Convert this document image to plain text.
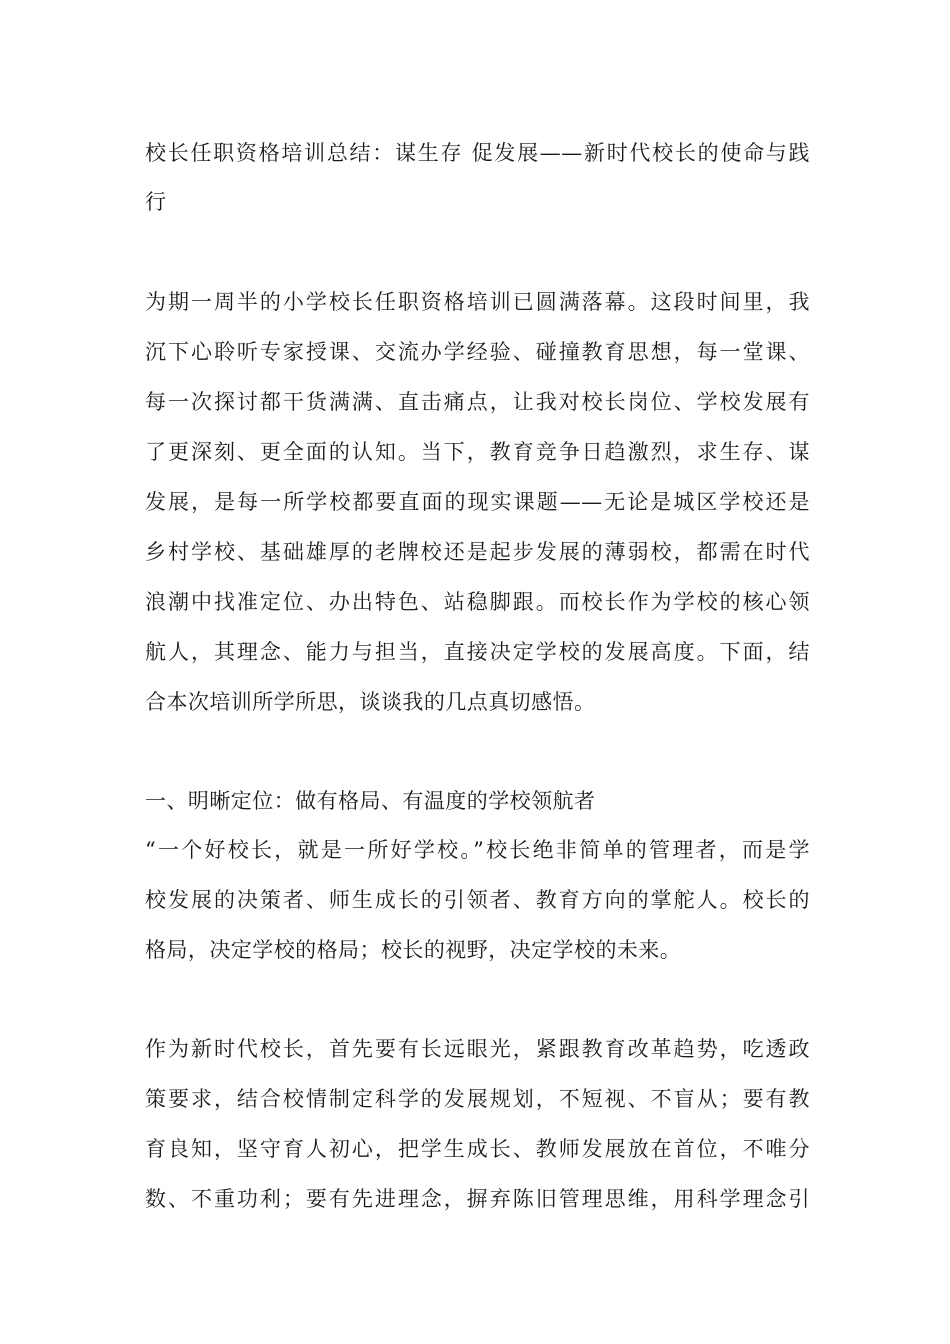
校长任职资格培训总结：谋生存 促发展——新时代校长的使命与践
行
为期一周半的小学校长任职资格培训已圆满落幕。这段时间里，我
沉下心聆听专家授课、交流办学经验、碰撞教育思想，每一堂课、
每一次探讨都干货满满、直击痛点，让我对校长岗位、学校发展有
了更深刻、更全面的认知。当下，教育竞争日趋激烈，求生存、谋
发展，是每一所学校都要直面的现实课题——无论是城区学校还是
乡村学校、基础雄厚的老牌校还是起步发展的薄弱校，都需在时代
浪潮中找准定位、办出特色、站稳脚跟。而校长作为学校的核心领
航人，其理念、能力与担当，直接决定学校的发展高度。下面，结
合本次培训所学所思，谈谈我的几点真切感悟。
一、明晰定位：做有格局、有温度的学校领航者
“一个好校长，就是一所好学校。”校长绝非简单的管理者，而是学
校发展的决策者、师生成长的引领者、教育方向的掌舵人。校长的
格局，决定学校的格局；校长的视野，决定学校的未来。
作为新时代校长，首先要有长远眼光，紧跟教育改革趋势，吃透政
策要求，结合校情制定科学的发展规划，不短视、不盲从；要有教
育良知，坚守育人初心，把学生成长、教师发展放在首位，不唯分
数、不重功利；要有先进理念，摒弃陈旧管理思维，用科学理念引
